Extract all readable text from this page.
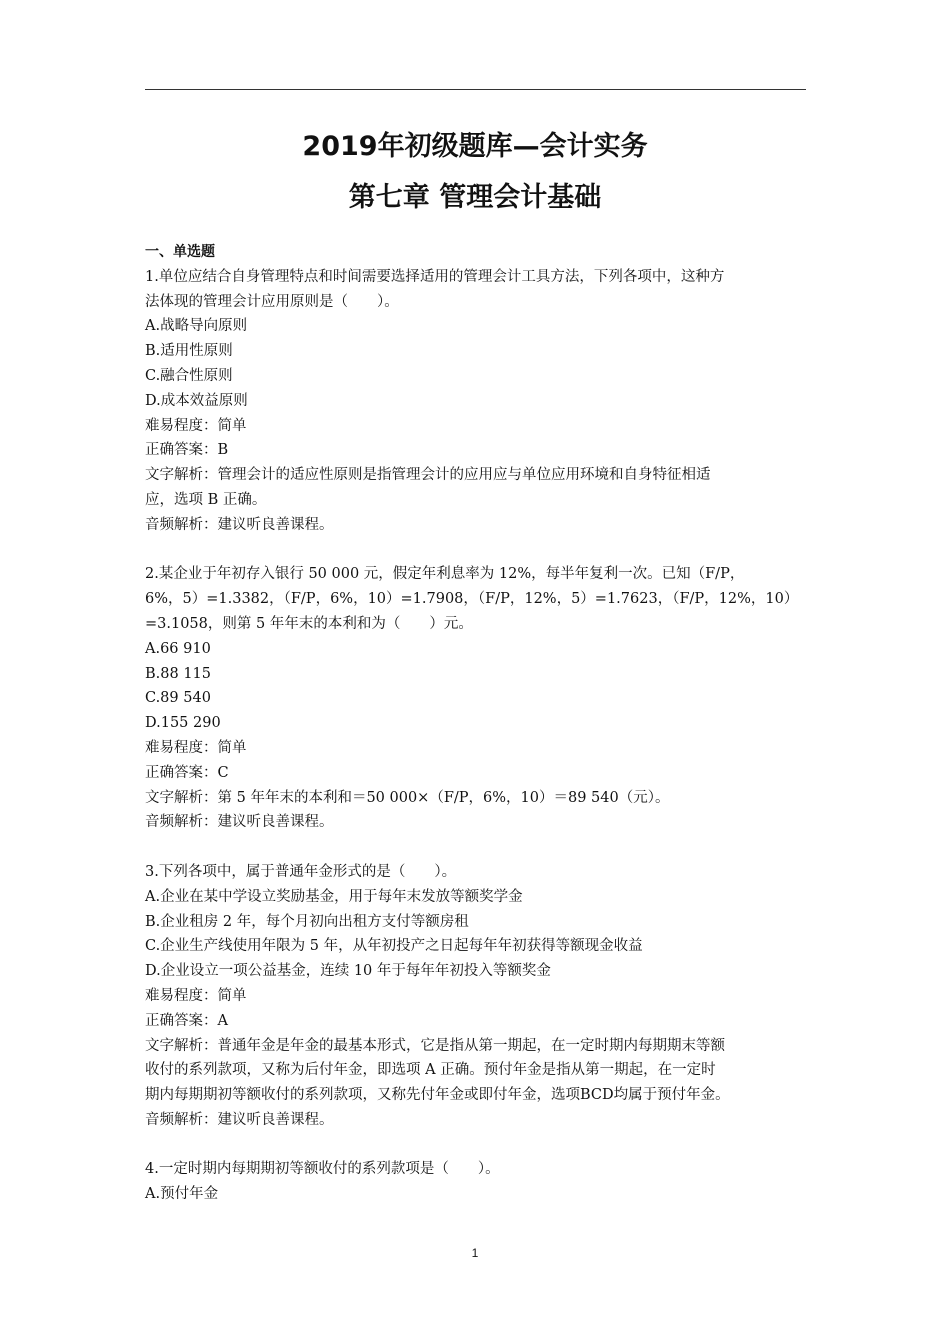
2019年初级题库—会计实务
第七章 管理会计基础
一、单选题
1.单位应结合自身管理特点和时间需要选择适用的管理会计工具方法，下列各项中，这种方
法体现的管理会计应用原则是（　　）。
A.战略导向原则
B.适用性原则
C.融合性原则
D.成本效益原则
难易程度：简单
正确答案：B
文字解析：管理会计的适应性原则是指管理会计的应用应与单位应用环境和自身特征相适
应，选项 B 正确。
音频解析：建议听良善课程。
2.某企业于年初存入银行 50 000 元，假定年利息率为 12%，每半年复利一次。已知（F/P，
6%，5）=1.3382，（F/P，6%，10）=1.7908，（F/P，12%，5）=1.7623，（F/P，12%，10）
=3.1058，则第 5 年年末的本利和为（　　）元。
A.66 910
B.88 115
C.89 540
D.155 290
难易程度：简单
正确答案：C
文字解析：第 5 年年末的本利和＝50 000×（F/P，6%，10）＝89 540（元）。
音频解析：建议听良善课程。
3.下列各项中，属于普通年金形式的是（　　）。
A.企业在某中学设立奖励基金，用于每年末发放等额奖学金
B.企业租房 2 年，每个月初向出租方支付等额房租
C.企业生产线使用年限为 5 年，从年初投产之日起每年年初获得等额现金收益
D.企业设立一项公益基金，连续 10 年于每年年初投入等额奖金
难易程度：简单
正确答案：A
文字解析：普通年金是年金的最基本形式，它是指从第一期起，在一定时期内每期期末等额
收付的系列款项，又称为后付年金，即选项 A 正确。预付年金是指从第一期起，在一定时
期内每期期初等额收付的系列款项，又称先付年金或即付年金，选项BCD均属于预付年金。
音频解析：建议听良善课程。
4.一定时期内每期期初等额收付的系列款项是（　　）。
A.预付年金
1
